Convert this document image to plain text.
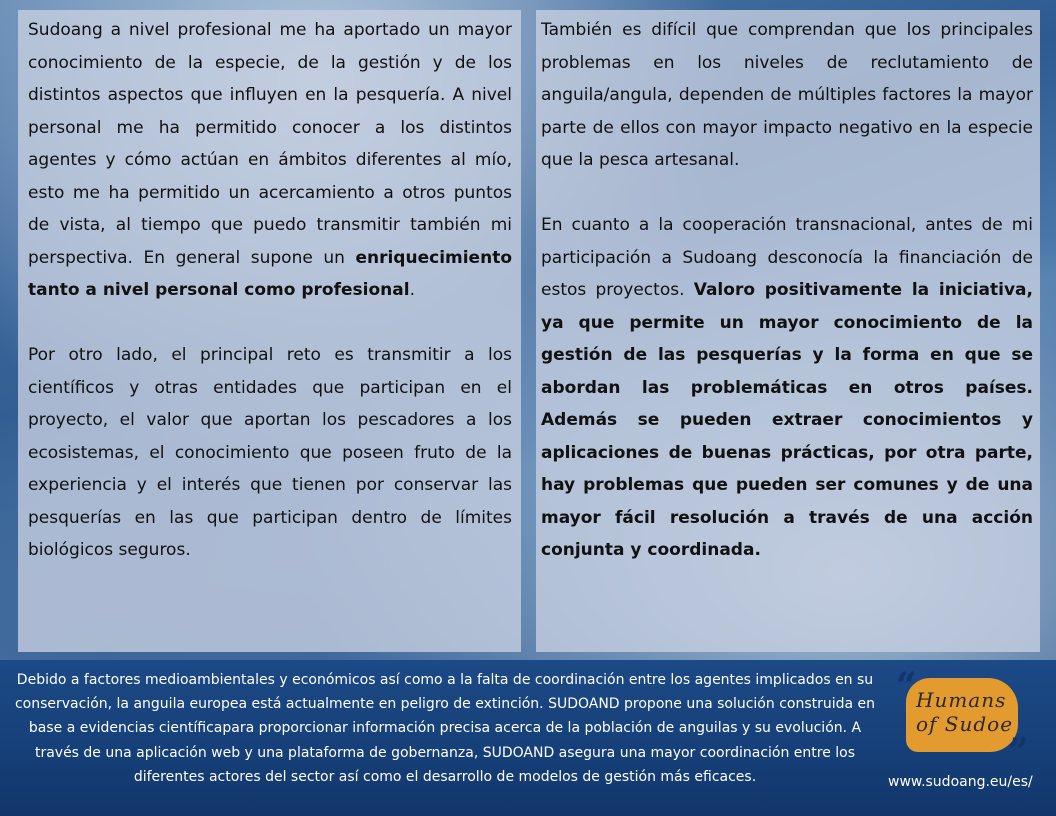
Sudoang a nivel profesional me ha aportado un mayor conocimiento de la especie, de la gestión y de los distintos aspectos que influyen en la pesquería. A nivel personal me ha permitido conocer a los distintos agentes y cómo actúan en ámbitos diferentes al mío, esto me ha permitido un acercamiento a otros puntos de vista, al tiempo que puedo transmitir también mi perspectiva. En general supone un enriquecimiento tanto a nivel personal como profesional.

Por otro lado, el principal reto es transmitir a los científicos y otras entidades que participan en el proyecto, el valor que aportan los pescadores a los ecosistemas, el conocimiento que poseen fruto de la experiencia y el interés que tienen por conservar las pesquerías en las que participan dentro de límites biológicos seguros.

También es difícil que comprendan que los principales problemas en los niveles de reclutamiento de anguila/angula, dependen de múltiples factores la mayor parte de ellos con mayor impacto negativo en la especie que la pesca artesanal.

En cuanto a la cooperación transnacional, antes de mi participación a Sudoang desconocía la financiación de estos proyectos. Valoro positivamente la iniciativa, ya que permite un mayor conocimiento de la gestión de las pesquerías y la forma en que se abordan las problemáticas en otros países. Además se pueden extraer conocimientos y aplicaciones de buenas prácticas, por otra parte, hay problemas que pueden ser comunes y de una mayor fácil resolución a través de una acción conjunta y coordinada.

Debido a factores medioambientales y económicos así como a la falta de coordinación entre los agentes implicados en su conservación, la anguila europea está actualmente en peligro de extinción. SUDOAND propone una solución construida en base a evidencias científicapara proporcionar información precisa acerca de la población de anguilas y su evolución. A través de una aplicación web y una plataforma de gobernanza, SUDOAND asegura una mayor coordinación entre los diferentes actores del sector así como el desarrollo de modelos de gestión más eficaces.
“ Humans
of Sudoe
”
www.sudoang.eu/es/
